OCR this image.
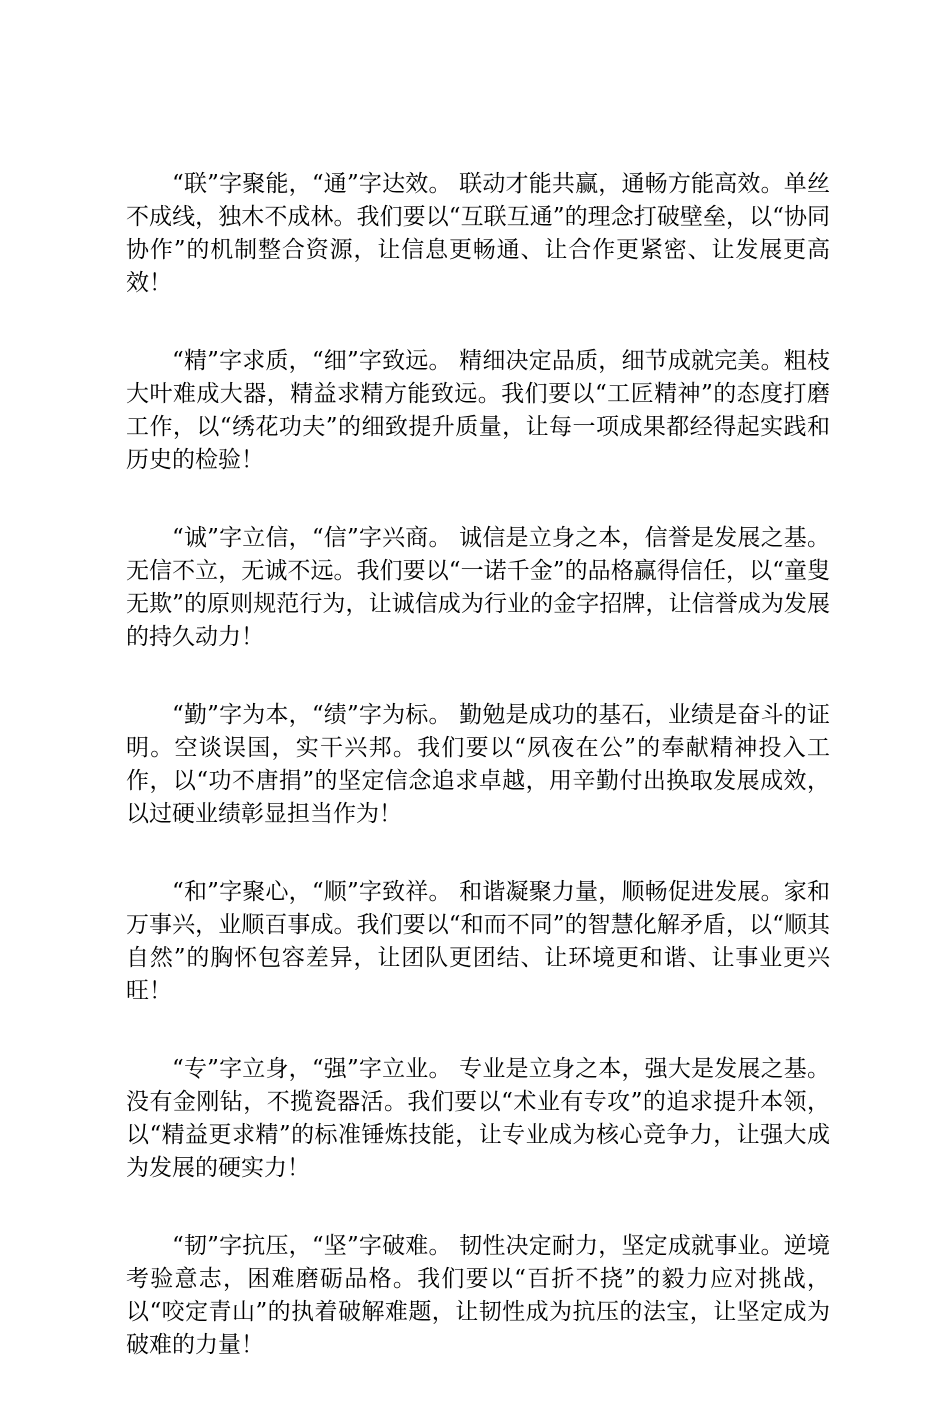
“联”字聚能，“通”字达效。 联动才能共赢，通畅方能高效。单丝不成线，独木不成林。我们要以“互联互通”的理念打破壁垒，以“协同协作”的机制整合资源，让信息更畅通、让合作更紧密、让发展更高效！

“精”字求质，“细”字致远。 精细决定品质，细节成就完美。粗枝大叶难成大器，精益求精方能致远。我们要以“工匠精神”的态度打磨工作，以“绣花功夫”的细致提升质量，让每一项成果都经得起实践和历史的检验！

“诚”字立信，“信”字兴商。 诚信是立身之本，信誉是发展之基。无信不立，无诚不远。我们要以“一诺千金”的品格赢得信任，以“童叟无欺”的原则规范行为，让诚信成为行业的金字招牌，让信誉成为发展的持久动力！

“勤”字为本，“绩”字为标。 勤勉是成功的基石，业绩是奋斗的证明。空谈误国，实干兴邦。我们要以“夙夜在公”的奉献精神投入工作，以“功不唐捐”的坚定信念追求卓越，用辛勤付出换取发展成效，以过硬业绩彰显担当作为！

“和”字聚心，“顺”字致祥。 和谐凝聚力量，顺畅促进发展。家和万事兴，业顺百事成。我们要以“和而不同”的智慧化解矛盾，以“顺其自然”的胸怀包容差异，让团队更团结、让环境更和谐、让事业更兴旺！

“专”字立身，“强”字立业。 专业是立身之本，强大是发展之基。没有金刚钻，不揽瓷器活。我们要以“术业有专攻”的追求提升本领，以“精益更求精”的标准锤炼技能，让专业成为核心竞争力，让强大成为发展的硬实力！

“韧”字抗压，“坚”字破难。 韧性决定耐力，坚定成就事业。逆境考验意志，困难磨砺品格。我们要以“百折不挠”的毅力应对挑战，以“咬定青山”的执着破解难题，让韧性成为抗压的法宝，让坚定成为破难的力量！
